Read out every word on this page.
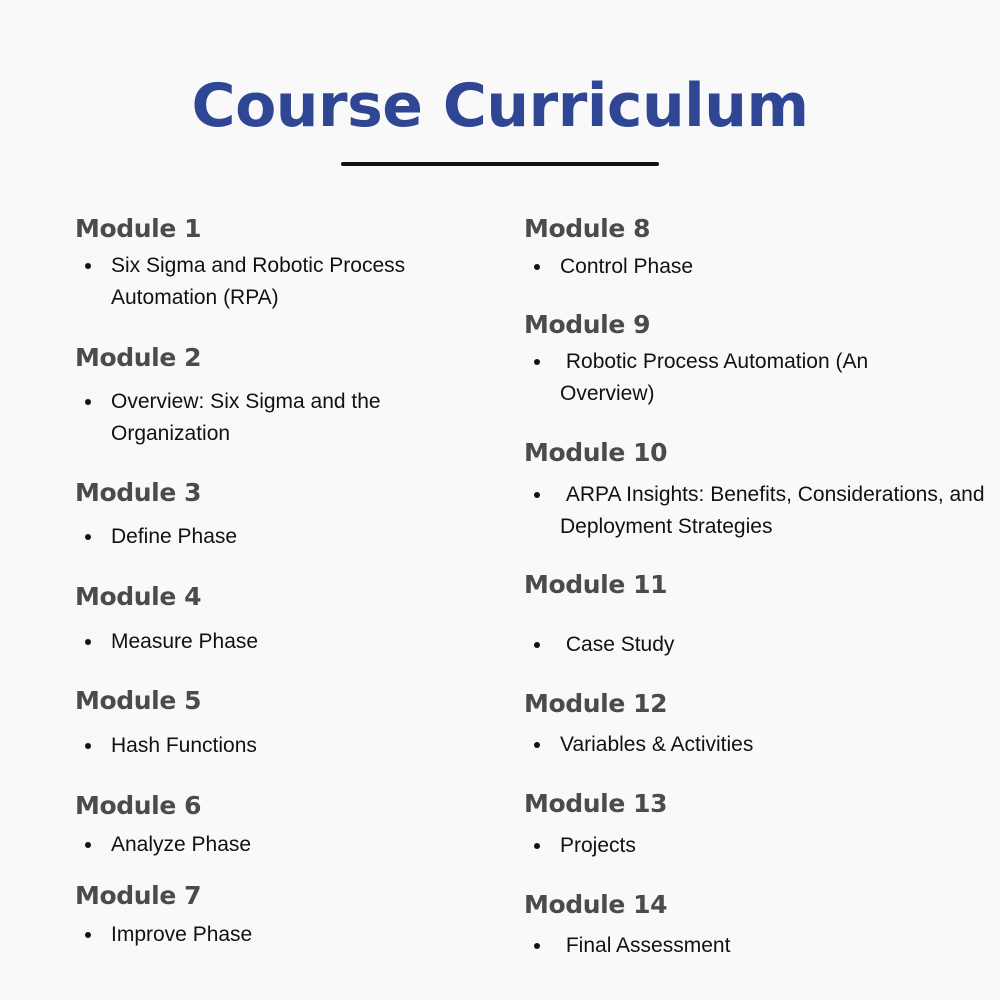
Course Curriculum
Module 1
Six Sigma and Robotic Process Automation (RPA)
Module 2
Overview: Six Sigma and the Organization
Module 3
Define Phase
Module 4
Measure Phase
Module 5
Hash Functions
Module 6
Analyze Phase
Module 7
Improve Phase
Module 8
Control Phase
Module 9
Robotic Process Automation (An Overview)
Module 10
ARPA Insights: Benefits, Considerations, and Deployment Strategies
Module 11
Case Study
Module 12
Variables & Activities
Module 13
Projects
Module 14
Final Assessment
